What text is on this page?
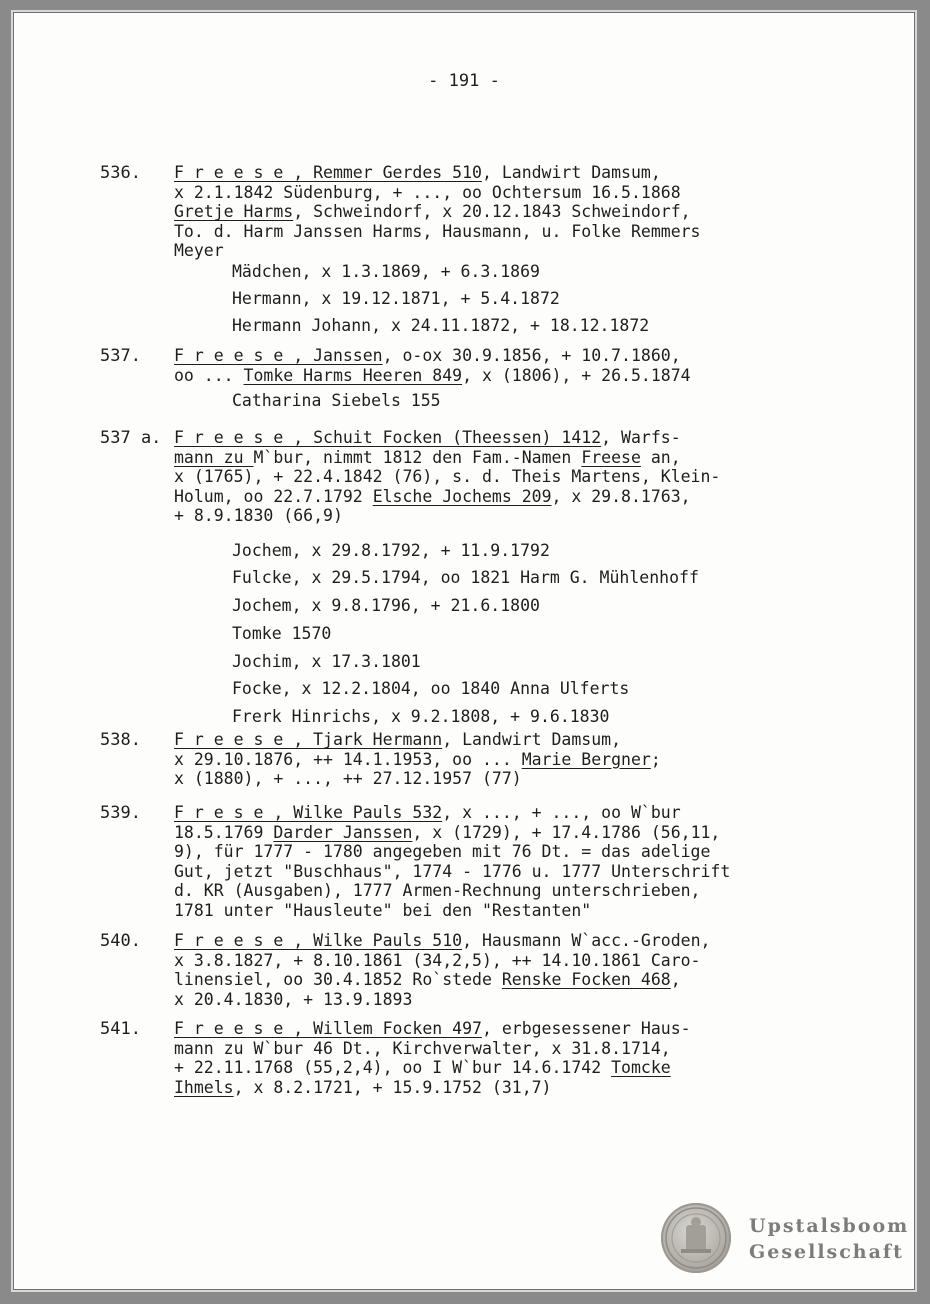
- 191 -
536. F r e e s e , Remmer Gerdes 510, Landwirt Damsum,
x 2.1.1842 Südenburg, + ..., oo Ochtersum 16.5.1868
Gretje Harms, Schweindorf, x 20.12.1843 Schweindorf,
To. d. Harm Janssen Harms, Hausmann, u. Folke Remmers
Meyer
Mädchen, x 1.3.1869, + 6.3.1869
Hermann, x 19.12.1871, + 5.4.1872
Hermann Johann, x 24.11.1872, + 18.12.1872
537. F r e e s e , Janssen, o-ox 30.9.1856, + 10.7.1860,
oo ... Tomke Harms Heeren 849, x (1806), + 26.5.1874
Catharina Siebels 155
537 a. F r e e s e , Schuit Focken (Theessen) 1412, Warfs-
mann zu M`bur, nimmt 1812 den Fam.-Namen Freese an,
x (1765), + 22.4.1842 (76), s. d. Theis Martens, Klein-
Holum, oo 22.7.1792 Elsche Jochems 209, x 29.8.1763,
+ 8.9.1830 (66,9)
Jochem, x 29.8.1792, + 11.9.1792
Fulcke, x 29.5.1794, oo 1821 Harm G. Mühlenhoff
Jochem, x 9.8.1796, + 21.6.1800
Tomke 1570
Jochim, x 17.3.1801
Focke, x 12.2.1804, oo 1840 Anna Ulferts
Frerk Hinrichs, x 9.2.1808, + 9.6.1830
538. F r e e s e , Tjark Hermann, Landwirt Damsum,
x 29.10.1876, ++ 14.1.1953, oo ... Marie Bergner;
x (1880), + ..., ++ 27.12.1957 (77)
539. F r e s e , Wilke Pauls 532, x ..., + ..., oo W`bur
18.5.1769 Darder Janssen, x (1729), + 17.4.1786 (56,11,
9), für 1777 - 1780 angegeben mit 76 Dt. = das adelige
Gut, jetzt "Buschhaus", 1774 - 1776 u. 1777 Unterschrift
d. KR (Ausgaben), 1777 Armen-Rechnung unterschrieben,
1781 unter "Hausleute" bei den "Restanten"
540. F r e e s e , Wilke Pauls 510, Hausmann W`acc.-Groden,
x 3.8.1827, + 8.10.1861 (34,2,5), ++ 14.10.1861 Caro-
linensiel, oo 30.4.1852 Ro`stede Renske Focken 468,
x 20.4.1830, + 13.9.1893
541. F r e e s e , Willem Focken 497, erbgesessener Haus-
mann zu W`bur 46 Dt., Kirchverwalter, x 31.8.1714,
+ 22.11.1768 (55,2,4), oo I W`bur 14.6.1742 Tomcke
Ihmels, x 8.2.1721, + 15.9.1752 (31,7)
Upstalsboom
Gesellschaft
